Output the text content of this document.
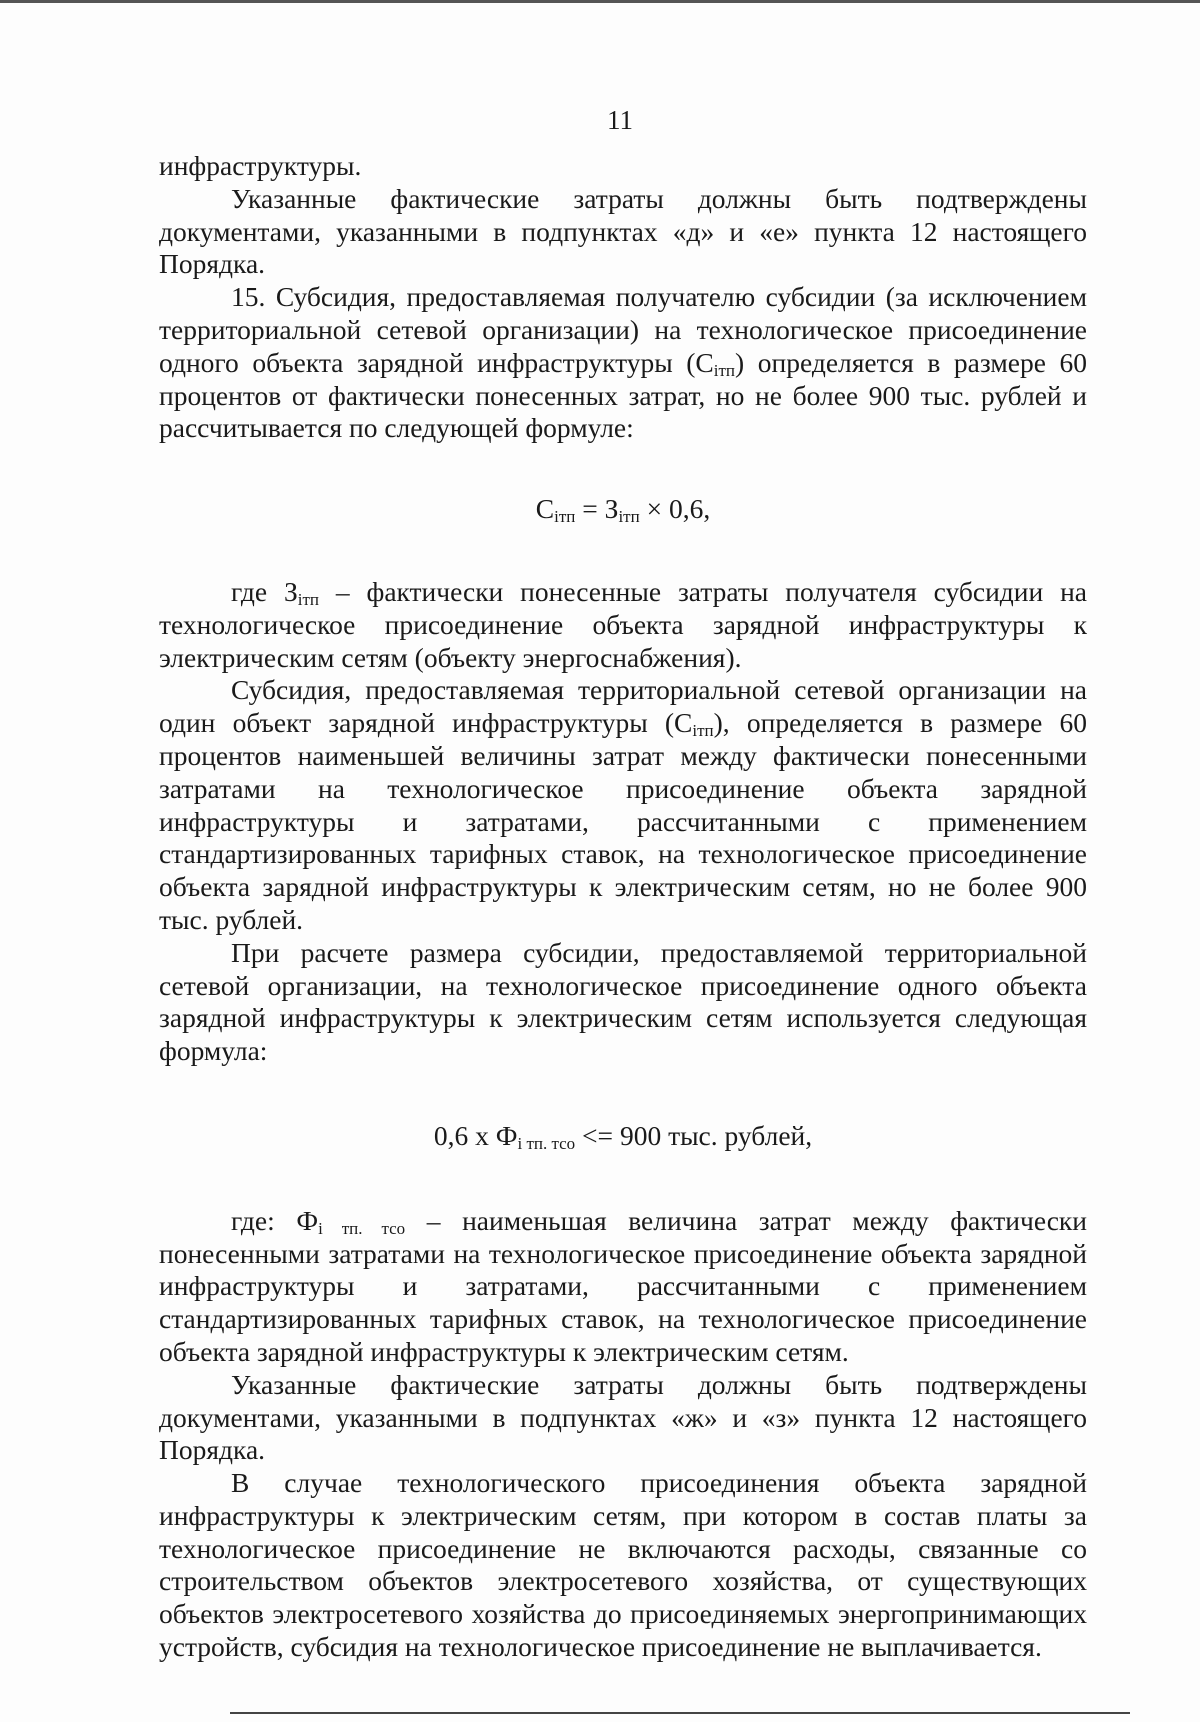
11

инфраструктуры.

Указанные фактические затраты должны быть подтверждены документами, указанными в подпунктах «д» и «е» пункта 12 настоящего Порядка.

15. Субсидия, предоставляемая получателю субсидии (за исключением территориальной сетевой организации) на технологическое присоединение одного объекта зарядной инфраструктуры $(C_{iтп})$ определяется в размере 60 процентов от фактически понесенных затрат, но не более 900 тыс. рублей и рассчитывается по следующей формуле:

$C_{iтп} = З_{iтп} \times 0,6$,

где $З_{iтп}$ – фактически понесенные затраты получателя субсидии на технологическое присоединение объекта зарядной инфраструктуры к электрическим сетям (объекту энергоснабжения).

Субсидия, предоставляемая территориальной сетевой организации на один объект зарядной инфраструктуры $(C_{iтп})$, определяется в размере 60 процентов наименьшей величины затрат между фактически понесенными затратами на технологическое присоединение объекта зарядной инфраструктуры и затратами, рассчитанными с применением стандартизированных тарифных ставок, на технологическое присоединение объекта зарядной инфраструктуры к электрическим сетям, но не более 900 тыс. рублей.

При расчете размера субсидии, предоставляемой территориальной сетевой организации, на технологическое присоединение одного объекта зарядной инфраструктуры к электрическим сетям используется следующая формула:

0,6 x $Ф_{i тп. тсо} <= 900$ тыс. рублей,

где: $Ф_{i тп. тсо}$ – наименьшая величина затрат между фактически понесенными затратами на технологическое присоединение объекта зарядной инфраструктуры и затратами, рассчитанными с применением стандартизированных тарифных ставок, на технологическое присоединение объекта зарядной инфраструктуры к электрическим сетям.

Указанные фактические затраты должны быть подтверждены документами, указанными в подпунктах «ж» и «з» пункта 12 настоящего Порядка.

В случае технологического присоединения объекта зарядной инфраструктуры к электрическим сетям, при котором в состав платы за технологическое присоединение не включаются расходы, связанные со строительством объектов электросетевого хозяйства, от существующих объектов электросетевого хозяйства до присоединяемых энергопринимающих устройств, субсидия на технологическое присоединение не выплачивается.
